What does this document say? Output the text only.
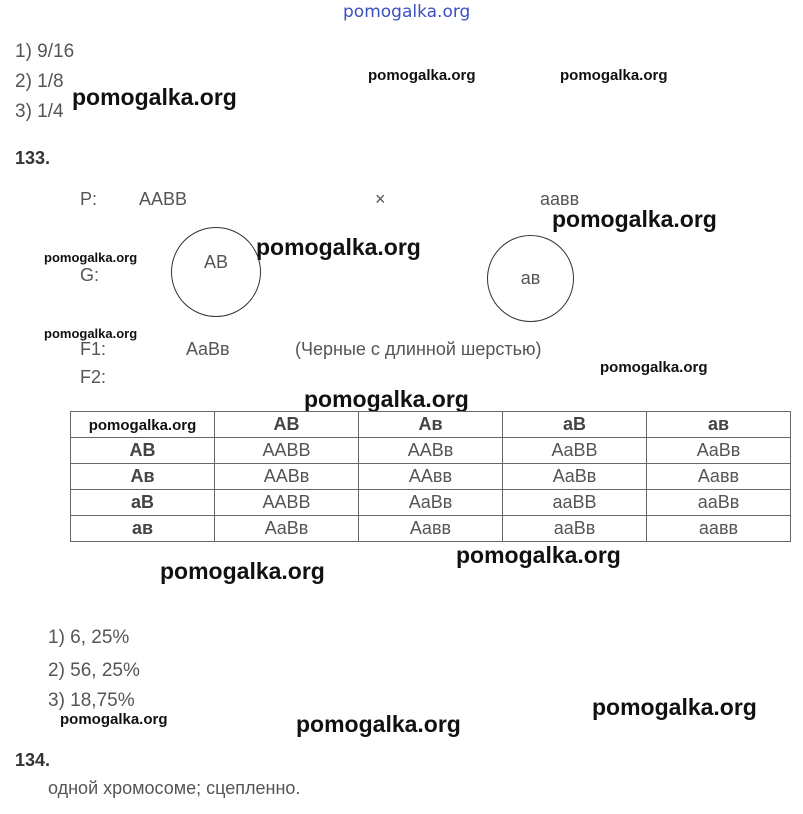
pomogalka.org
1) 9/16
2) 1/8
3) 1/4
pomogalka.org
pomogalka.org	pomogalka.org
133.
P: AABB	×	аавв
pomogalka.org
pomogalka.org	pomogalka.org
G:
AB
ав
pomogalka.org
F1:	AaBв	(Черные с длинной шерстью)
F2:	pomogalka.org
pomogalka.org
pomogalka.org	AB	Aв	aB	ав
AB	AABB	AABв	AaBB	AaBв
Aв	AABв	AAвв	AaBв	Aaвв
aB	AABB	AaBв	aaBB	aaBв
ав	AaBв	Aaвв	aaBв	aaвв
pomogalka.org
pomogalka.org
1) 6, 25%
2) 56, 25%
3) 18,75%
pomogalka.org	pomogalka.org
pomogalka.org
134.
одной хромосоме; сцепленно.
